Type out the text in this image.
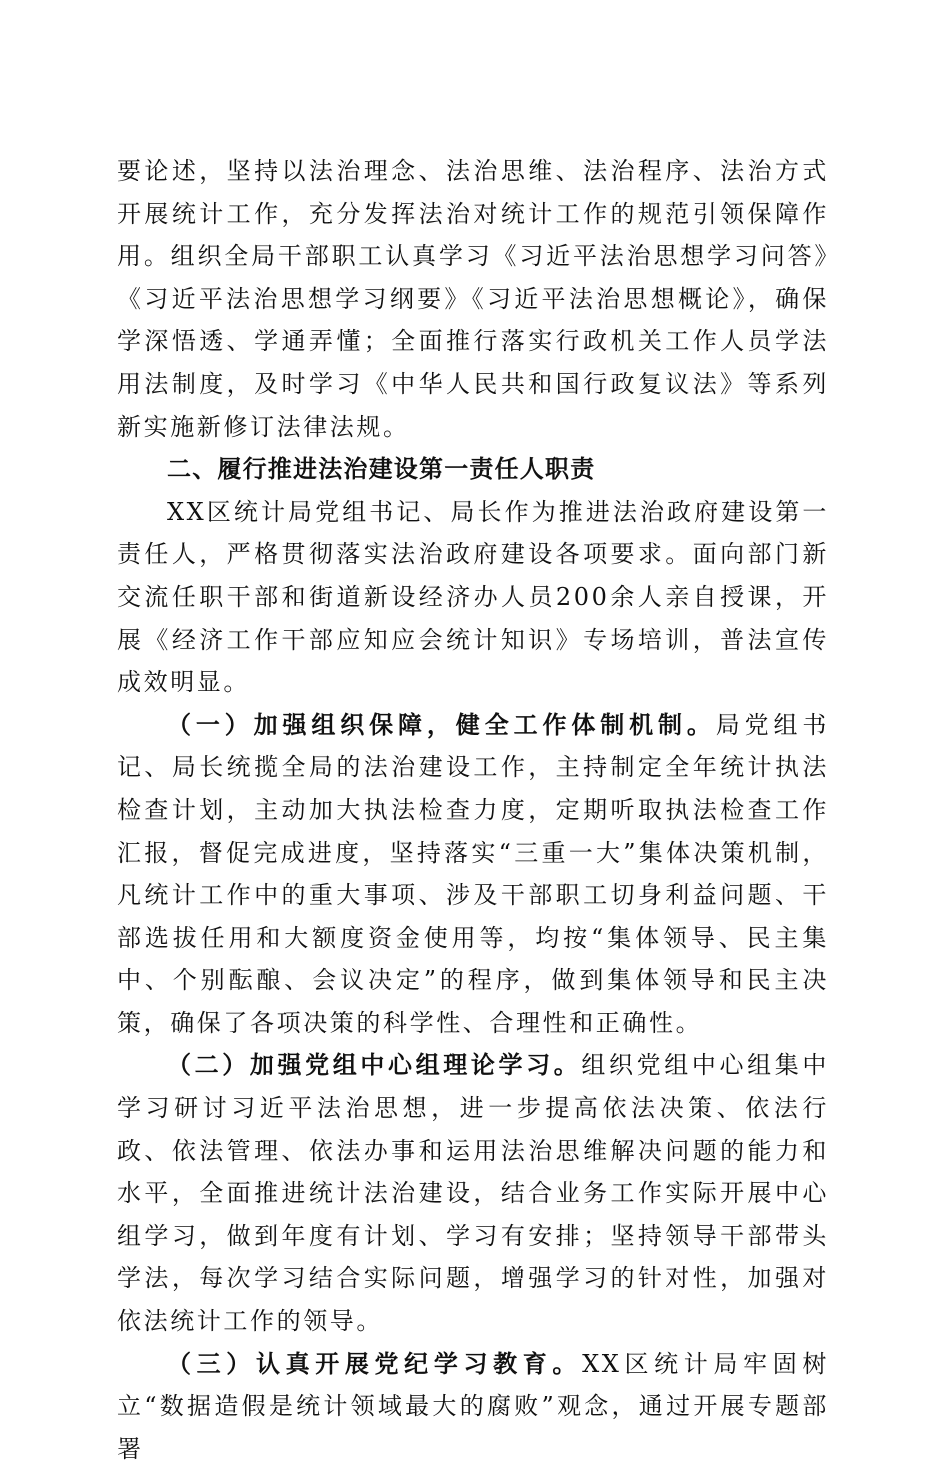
要论述，坚持以法治理念、法治思维、法治程序、法治方式开展统计工作，充分发挥法治对统计工作的规范引领保障作用。组织全局干部职工认真学习《习近平法治思想学习问答》《习近平法治思想学习纲要》《习近平法治思想概论》，确保学深悟透、学通弄懂；全面推行落实行政机关工作人员学法用法制度，及时学习《中华人民共和国行政复议法》等系列新实施新修订法律法规。

二、履行推进法治建设第一责任人职责

XX区统计局党组书记、局长作为推进法治政府建设第一责任人，严格贯彻落实法治政府建设各项要求。面向部门新交流任职干部和街道新设经济办人员200余人亲自授课，开展《经济工作干部应知应会统计知识》专场培训，普法宣传成效明显。

（一）加强组织保障，健全工作体制机制。局党组书记、局长统揽全局的法治建设工作，主持制定全年统计执法检查计划，主动加大执法检查力度，定期听取执法检查工作汇报，督促完成进度，坚持落实“三重一大”集体决策机制，凡统计工作中的重大事项、涉及干部职工切身利益问题、干部选拔任用和大额度资金使用等，均按“集体领导、民主集中、个别酝酿、会议决定”的程序，做到集体领导和民主决策，确保了各项决策的科学性、合理性和正确性。

（二）加强党组中心组理论学习。组织党组中心组集中学习研讨习近平法治思想，进一步提高依法决策、依法行政、依法管理、依法办事和运用法治思维解决问题的能力和水平，全面推进统计法治建设，结合业务工作实际开展中心组学习，做到年度有计划、学习有安排；坚持领导干部带头学法，每次学习结合实际问题，增强学习的针对性，加强对依法统计工作的领导。

（三）认真开展党纪学习教育。XX区统计局牢固树立“数据造假是统计领域最大的腐败”观念，通过开展专题部署
